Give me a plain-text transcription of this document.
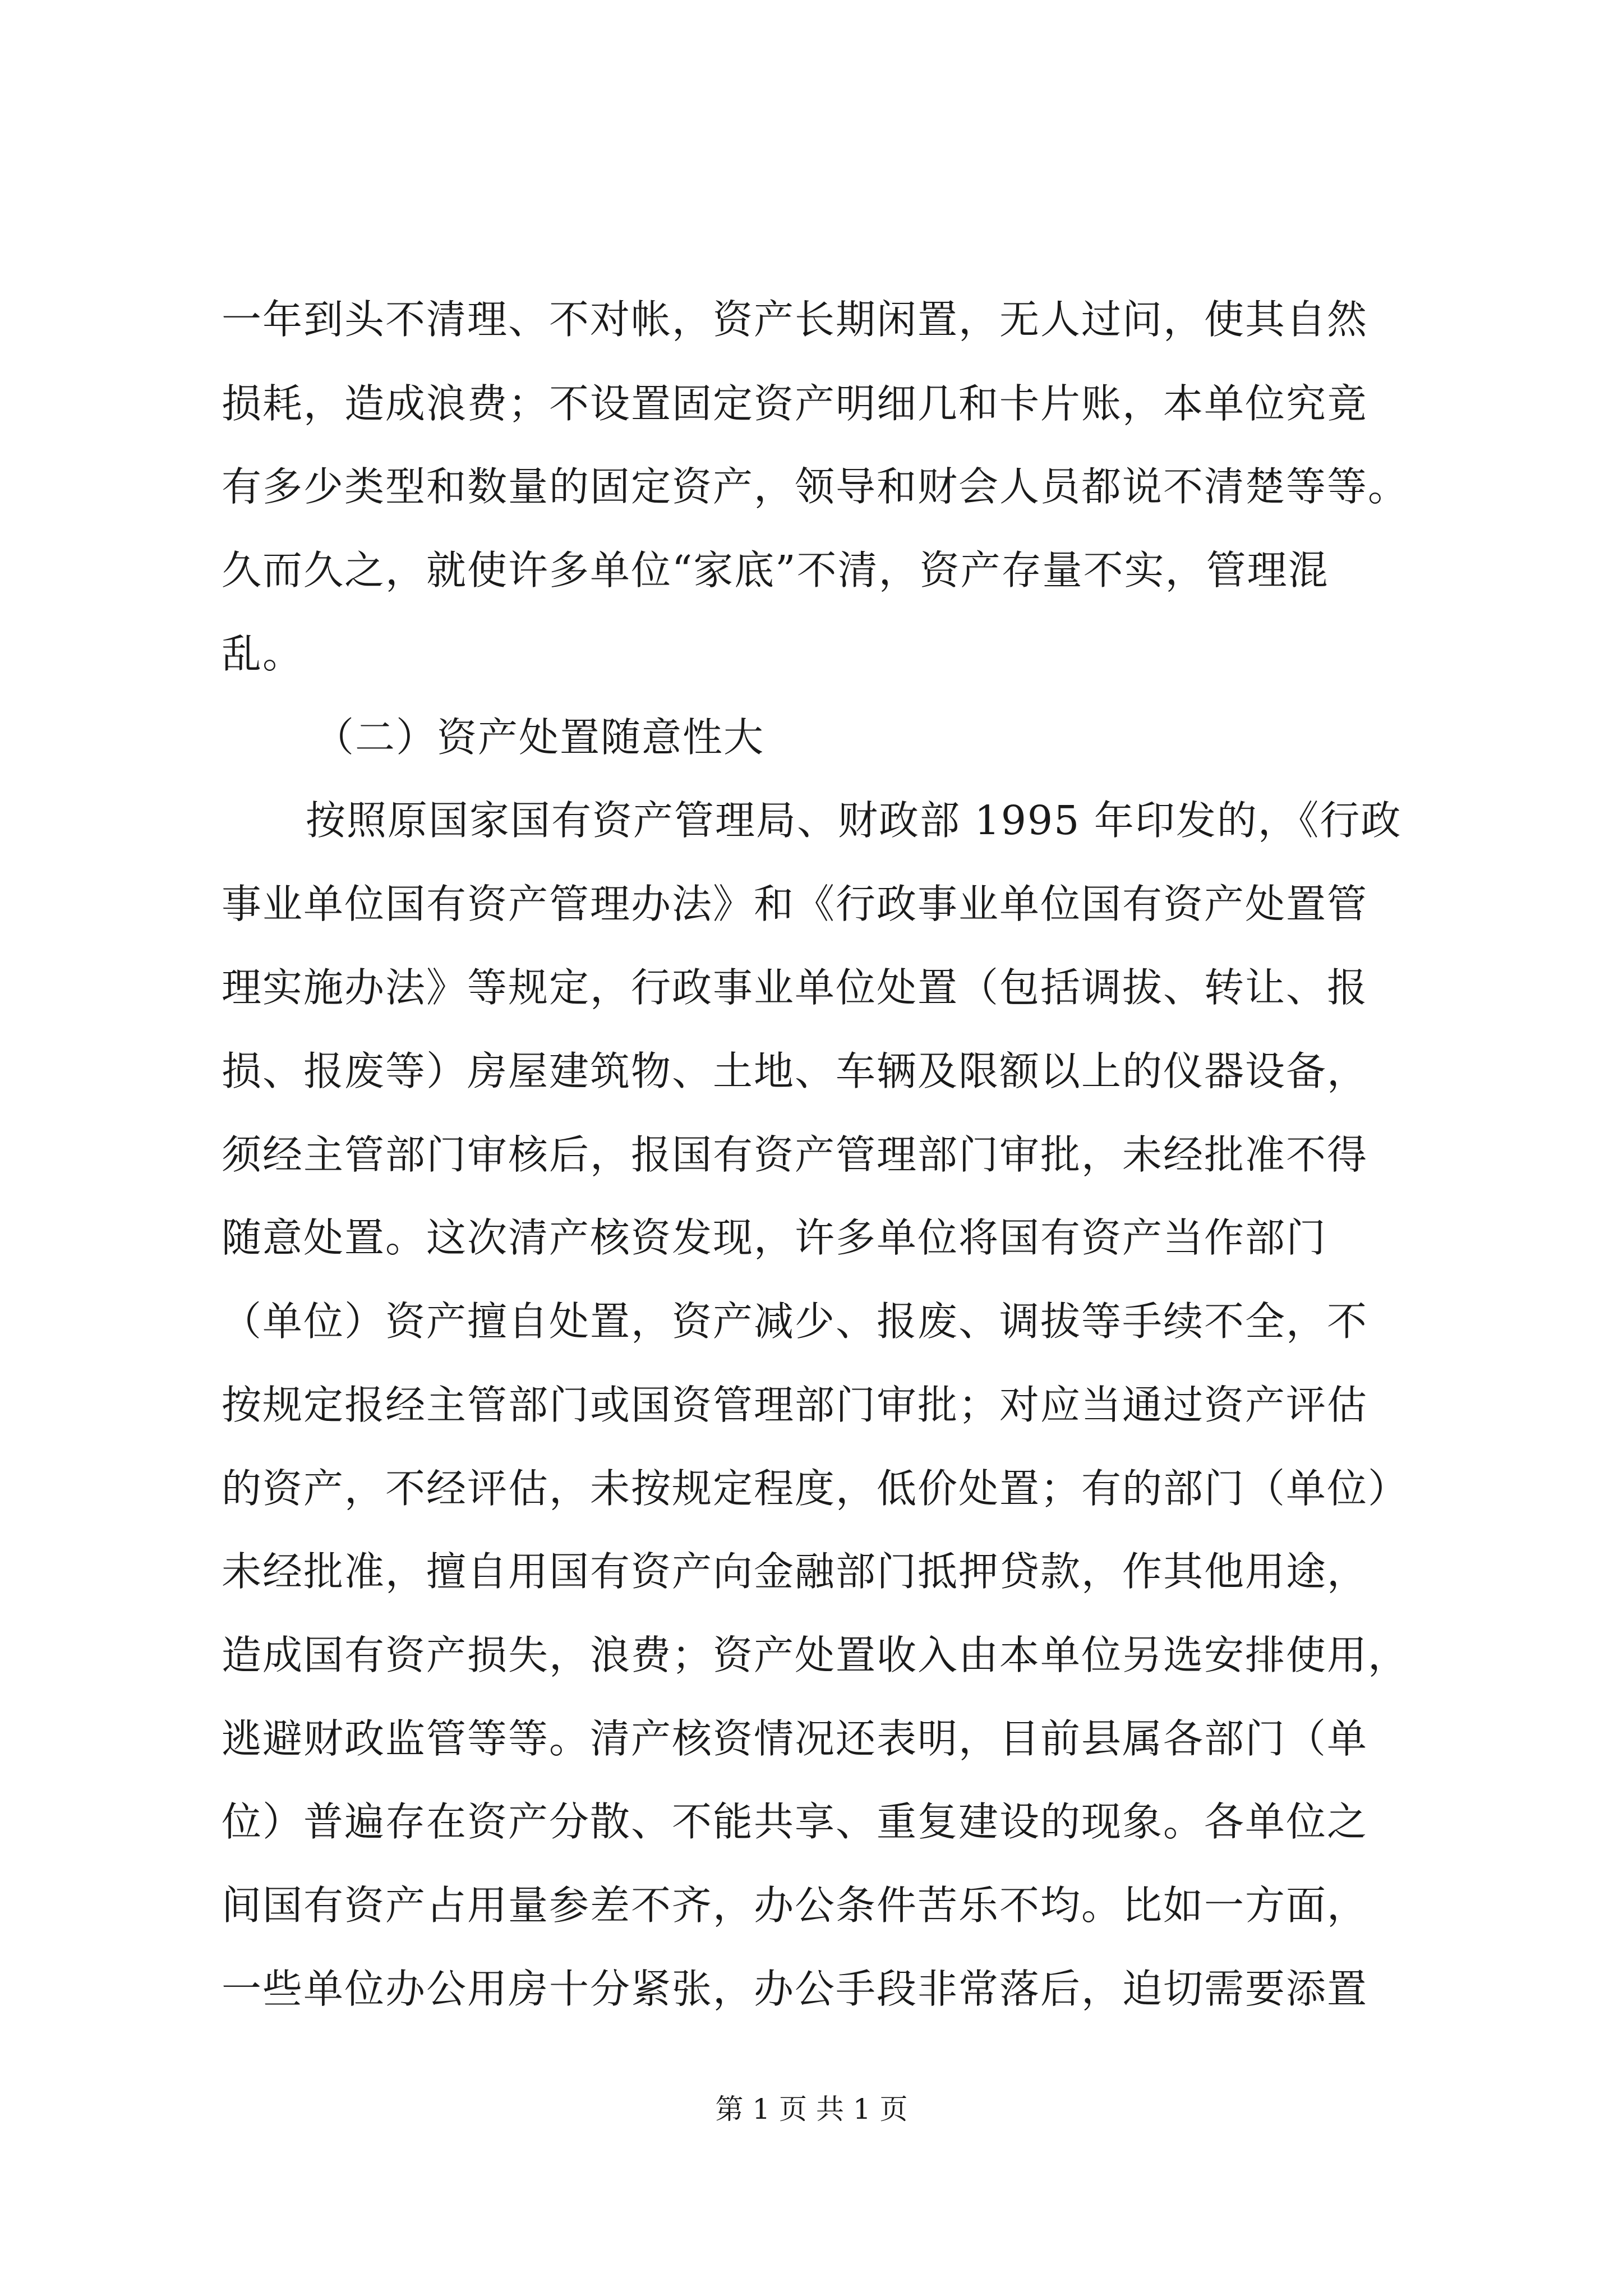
一年到头不清理、不对帐，资产长期闲置，无人过问，使其自然
损耗，造成浪费；不设置固定资产明细几和卡片账，本单位究竟
有多少类型和数量的固定资产，领导和财会人员都说不清楚等等。
久而久之，就使许多单位“家底”不清，资产存量不实，管理混
乱。
（二）资产处置随意性大
按照原国家国有资产管理局、财政部 1995 年印发的，《行政
事业单位国有资产管理办法》和《行政事业单位国有资产处置管
理实施办法》等规定，行政事业单位处置（包括调拔、转让、报
损、报废等）房屋建筑物、土地、车辆及限额以上的仪器设备，
须经主管部门审核后，报国有资产管理部门审批，未经批准不得
随意处置。这次清产核资发现，许多单位将国有资产当作部门
（单位）资产擅自处置，资产减少、报废、调拔等手续不全，不
按规定报经主管部门或国资管理部门审批；对应当通过资产评估
的资产，不经评估，未按规定程度，低价处置；有的部门（单位）
未经批准，擅自用国有资产向金融部门抵押贷款，作其他用途，
造成国有资产损失，浪费；资产处置收入由本单位另选安排使用，
逃避财政监管等等。清产核资情况还表明，目前县属各部门（单
位）普遍存在资产分散、不能共享、重复建设的现象。各单位之
间国有资产占用量参差不齐，办公条件苦乐不均。比如一方面，
一些单位办公用房十分紧张，办公手段非常落后，迫切需要添置
第 1 页 共 1 页
